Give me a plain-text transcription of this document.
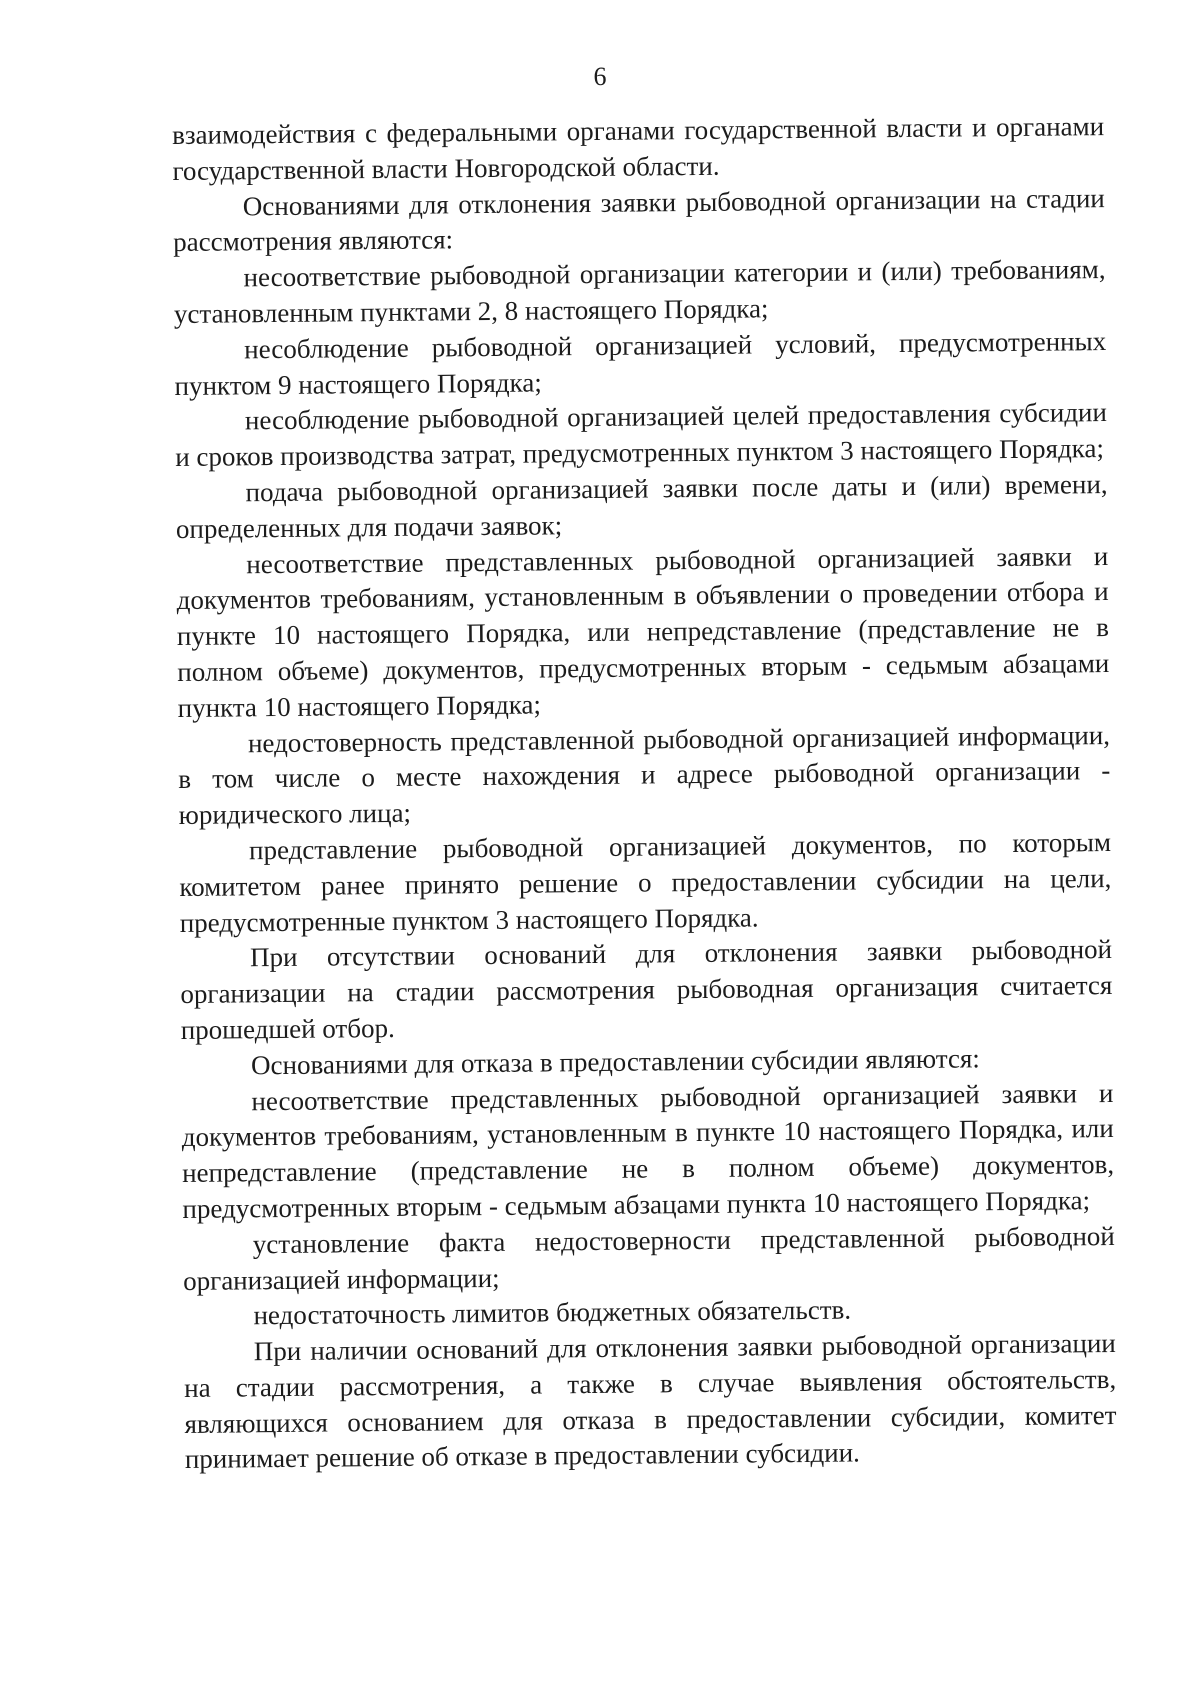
6

взаимодействия с федеральными органами государственной власти и органами государственной власти Новгородской области.

Основаниями для отклонения заявки рыбоводной организации на стадии рассмотрения являются:

несоответствие рыбоводной организации категории и (или) требованиям, установленным пунктами 2, 8 настоящего Порядка;

несоблюдение рыбоводной организацией условий, предусмотренных пунктом 9 настоящего Порядка;

несоблюдение рыбоводной организацией целей предоставления субсидии и сроков производства затрат, предусмотренных пунктом 3 настоящего Порядка;

подача рыбоводной организацией заявки после даты и (или) времени, определенных для подачи заявок;

несоответствие представленных рыбоводной организацией заявки и документов требованиям, установленным в объявлении о проведении отбора и пункте 10 настоящего Порядка, или непредставление (представление не в полном объеме) документов, предусмотренных вторым - седьмым абзацами пункта 10 настоящего Порядка;

недостоверность представленной рыбоводной организацией информации, в том числе о месте нахождения и адресе рыбоводной организации - юридического лица;

представление рыбоводной организацией документов, по которым комитетом ранее принято решение о предоставлении субсидии на цели, предусмотренные пунктом 3 настоящего Порядка.

При отсутствии оснований для отклонения заявки рыбоводной организации на стадии рассмотрения рыбоводная организация считается прошедшей отбор.

Основаниями для отказа в предоставлении субсидии являются:

несоответствие представленных рыбоводной организацией заявки и документов требованиям, установленным в пункте 10 настоящего Порядка, или непредставление (представление не в полном объеме) документов, предусмотренных вторым - седьмым абзацами пункта 10 настоящего Порядка;

установление факта недостоверности представленной рыбоводной организацией информации;

недостаточность лимитов бюджетных обязательств.

При наличии оснований для отклонения заявки рыбоводной организации на стадии рассмотрения, а также в случае выявления обстоятельств, являющихся основанием для отказа в предоставлении субсидии, комитет принимает решение об отказе в предоставлении субсидии.
